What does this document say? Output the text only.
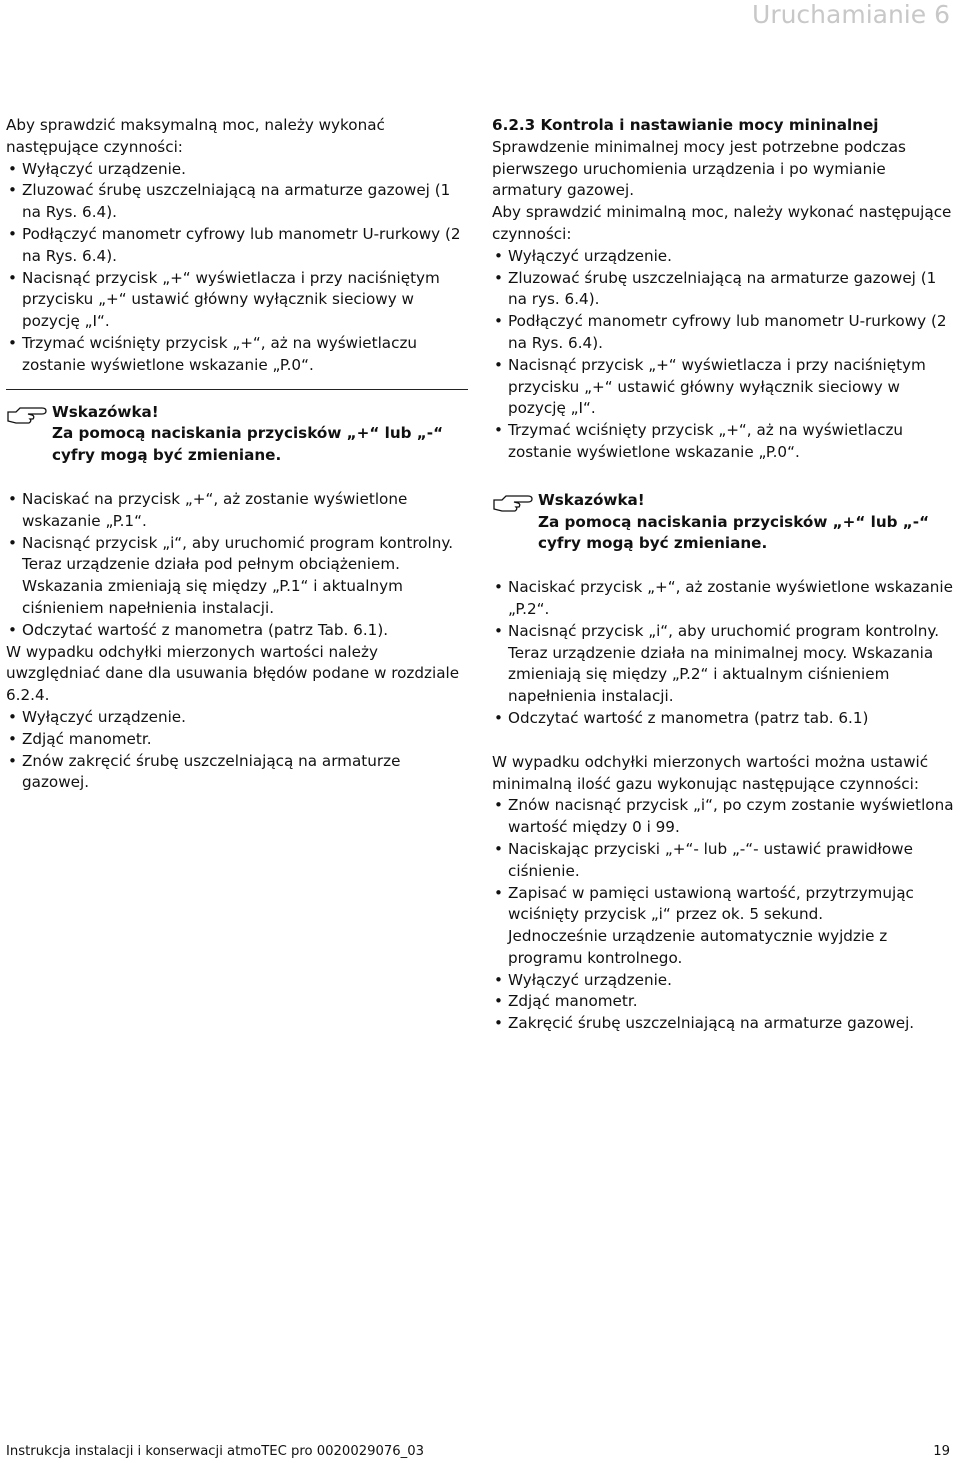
Uruchamianie 6

Aby sprawdzić maksymalną moc, należy wykonać następujące czynności:

• Wyłączyć urządzenie.
• Zluzować śrubę uszczelniającą na armaturze gazowej (1 na Rys. 6.4).
• Podłączyć manometr cyfrowy lub manometr U-rurkowy (2 na Rys. 6.4).
• Nacisnąć przycisk „+“ wyświetlacza i przy naciśniętym przycisku „+“ ustawić główny wyłącznik sieciowy w pozycję „I“.
• Trzymać wciśnięty przycisk „+“, aż na wyświetlaczu zostanie wyświetlone wskazanie „P.0“.
Wskazówka!
Za pomocą naciskania przycisków „+“ lub „-“ cyfry mogą być zmieniane.
• Naciskać na przycisk „+“, aż zostanie wyświetlone wskazanie „P.1“.
• Nacisnąć przycisk „i“, aby uruchomić program kontrolny. Teraz urządzenie działa pod pełnym obciążeniem. Wskazania zmieniają się między „P.1“ i aktualnym ciśnieniem napełnienia instalacji.
• Odczytać wartość z manometra (patrz Tab. 6.1).

W wypadku odchyłki mierzonych wartości należy uwzględniać dane dla usuwania błędów podane w rozdziale 6.2.4.

• Wyłączyć urządzenie.
• Zdjąć manometr.
• Znów zakręcić śrubę uszczelniającą na armaturze gazowej.

6.2.3 Kontrola i nastawianie mocy mininalnej

Sprawdzenie minimalnej mocy jest potrzebne podczas pierwszego uruchomienia urządzenia i po wymianie armatury gazowej.

Aby sprawdzić minimalną moc, należy wykonać następujące czynności:

• Wyłączyć urządzenie.
• Zluzować śrubę uszczelniającą na armaturze gazowej (1 na rys. 6.4).
• Podłączyć manometr cyfrowy lub manometr U-rurkowy (2 na Rys. 6.4).
• Nacisnąć przycisk „+“ wyświetlacza i przy naciśniętym przycisku „+“ ustawić główny wyłącznik sieciowy w pozycję „I“.
• Trzymać wciśnięty przycisk „+“, aż na wyświetlaczu zostanie wyświetlone wskazanie „P.0“.
Wskazówka!
Za pomocą naciskania przycisków „+“ lub „-“ cyfry mogą być zmieniane.
• Naciskać przycisk „+“, aż zostanie wyświetlone wskazanie „P.2“.
• Nacisnąć przycisk „i“, aby uruchomić program kontrolny. Teraz urządzenie działa na minimalnej mocy. Wskazania zmieniają się między „P.2“ i aktualnym ciśnieniem napełnienia instalacji.
• Odczytać wartość z manometra (patrz tab. 6.1)

W wypadku odchyłki mierzonych wartości można ustawić minimalną ilość gazu wykonując następujące czynności:

• Znów nacisnąć przycisk „i“, po czym zostanie wyświetlona wartość między 0 i 99.
• Naciskając przyciski „+“- lub „-“- ustawić prawidłowe ciśnienie.
• Zapisać w pamięci ustawioną wartość, przytrzymując wciśnięty przycisk „i“ przez ok. 5 sekund.
Jednocześnie urządzenie automatycznie wyjdzie z programu kontrolnego.
• Wyłączyć urządzenie.
• Zdjąć manometr.
• Zakręcić śrubę uszczelniającą na armaturze gazowej.
Instrukcja instalacji i konserwacji atmoTEC pro 0020029076_03	19
